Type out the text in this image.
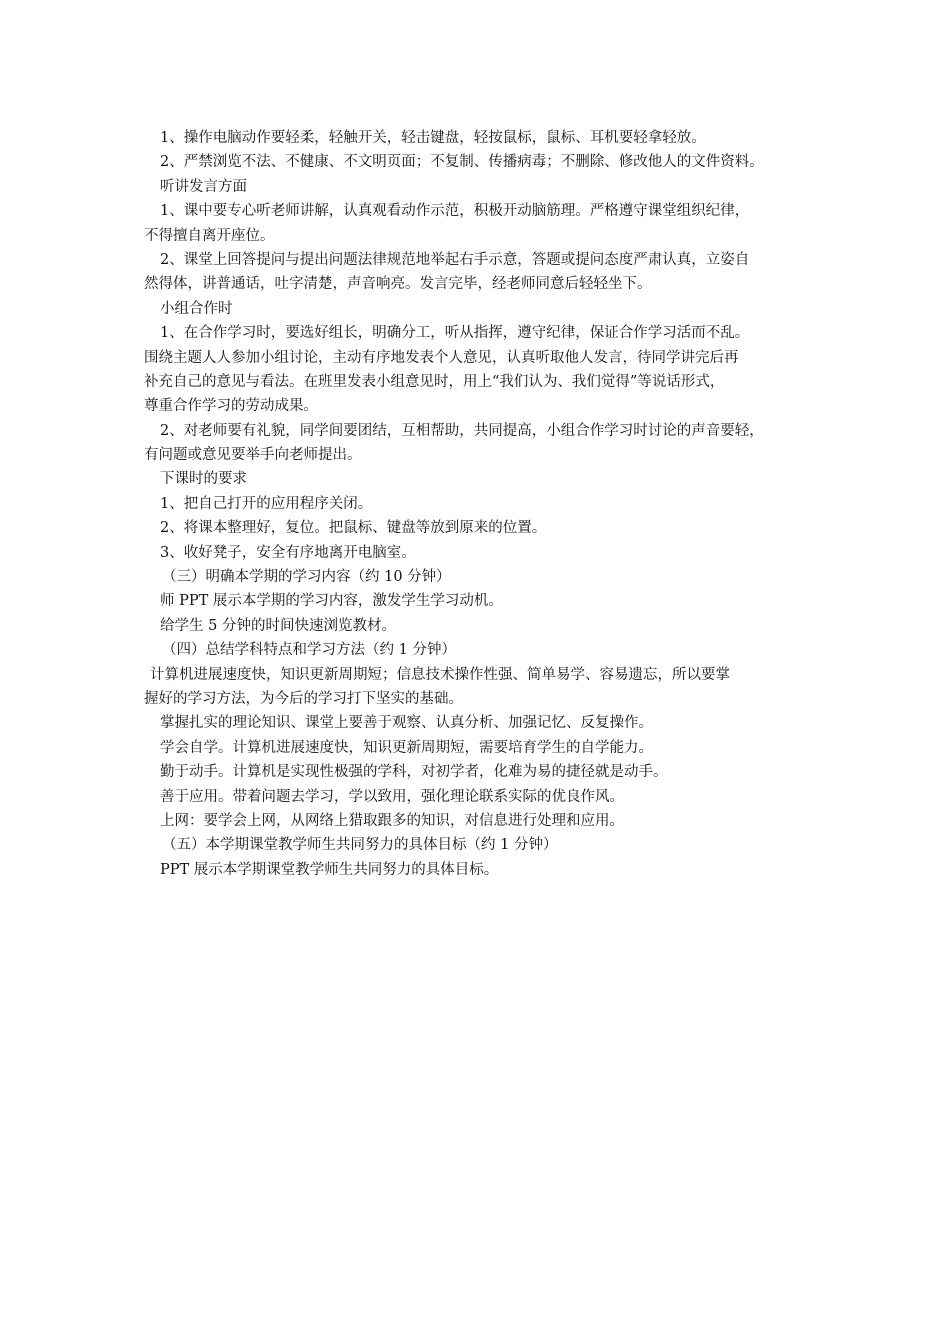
1、操作电脑动作要轻柔，轻触开关，轻击键盘，轻按鼠标，鼠标、耳机要轻拿轻放。
2、严禁浏览不法、不健康、不文明页面；不复制、传播病毒；不删除、修改他人的文件资料。
听讲发言方面
1、课中要专心听老师讲解，认真观看动作示范，积极开动脑筋理。严格遵守课堂组织纪律，
不得擅自离开座位。
2、课堂上回答提问与提出问题法律规范地举起右手示意，答题或提问态度严肃认真，立姿自
然得体，讲普通话，吐字清楚，声音响亮。发言完毕，经老师同意后轻轻坐下。
小组合作时
1、在合作学习时，要选好组长，明确分工，听从指挥，遵守纪律，保证合作学习活而不乱。
围绕主题人人参加小组讨论，主动有序地发表个人意见，认真听取他人发言，待同学讲完后再
补充自己的意见与看法。在班里发表小组意见时，用上“我们认为、我们觉得”等说话形式，
尊重合作学习的劳动成果。
2、对老师要有礼貌，同学间要团结，互相帮助，共同提高，小组合作学习时讨论的声音要轻，
有问题或意见要举手向老师提出。
下课时的要求
1、把自己打开的应用程序关闭。
2、将课本整理好，复位。把鼠标、键盘等放到原来的位置。
3、收好凳子，安全有序地离开电脑室。
（三）明确本学期的学习内容（约 10 分钟）
师 PPT 展示本学期的学习内容，激发学生学习动机。
给学生 5 分钟的时间快速浏览教材。
（四）总结学科特点和学习方法（约 1 分钟）
计算机进展速度快，知识更新周期短；信息技术操作性强、简单易学、容易遗忘，所以要掌
握好的学习方法，为今后的学习打下坚实的基础。
掌握扎实的理论知识、课堂上要善于观察、认真分析、加强记忆、反复操作。
学会自学。计算机进展速度快，知识更新周期短，需要培育学生的自学能力。
勤于动手。计算机是实现性极强的学科，对初学者，化难为易的捷径就是动手。
善于应用。带着问题去学习，学以致用，强化理论联系实际的优良作风。
上网：要学会上网，从网络上猎取跟多的知识，对信息进行处理和应用。
（五）本学期课堂教学师生共同努力的具体目标（约 1 分钟）
PPT 展示本学期课堂教学师生共同努力的具体目标。
